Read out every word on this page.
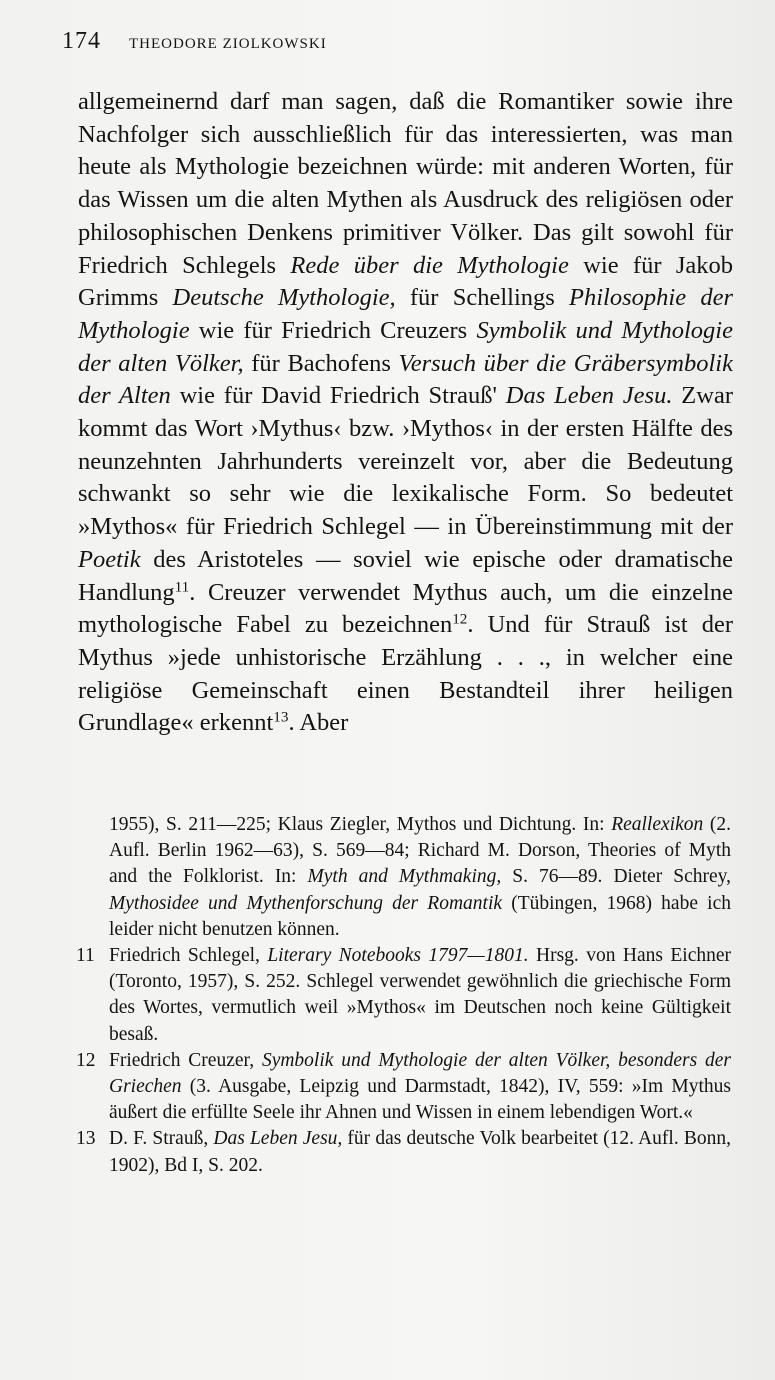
174 THEODORE ZIOLKOWSKI

allgemeinernd darf man sagen, daß die Romantiker sowie ihre Nachfolger sich ausschließlich für das interessierten, was man heute als Mythologie bezeichnen würde: mit anderen Worten, für das Wissen um die alten Mythen als Ausdruck des religiösen oder philosophischen Denkens primitiver Völker. Das gilt sowohl für Friedrich Schlegels Rede über die Mythologie wie für Jakob Grimms Deutsche Mythologie, für Schellings Philosophie der Mythologie wie für Friedrich Creuzers Symbolik und Mythologie der alten Völker, für Bachofens Versuch über die Gräbersymbolik der Alten wie für David Friedrich Strauß' Das Leben Jesu. Zwar kommt das Wort ›Mythus‹ bzw. ›Mythos‹ in der ersten Hälfte des neunzehnten Jahrhunderts vereinzelt vor, aber die Bedeutung schwankt so sehr wie die lexikalische Form. So bedeutet »Mythos« für Friedrich Schlegel — in Übereinstimmung mit der Poetik des Aristoteles — soviel wie epische oder dramatische Handlung$^{11}$. Creuzer verwendet Mythus auch, um die einzelne mythologische Fabel zu bezeichnen$^{12}$. Und für Strauß ist der Mythus »jede unhistorische Erzählung . . ., in welcher eine religiöse Gemeinschaft einen Bestandteil ihrer heiligen Grundlage« erkennt$^{13}$. Aber

1955), S. 211—225; Klaus Ziegler, Mythos und Dichtung. In: Reallexikon (2. Aufl. Berlin 1962—63), S. 569—84; Richard M. Dorson, Theories of Myth and the Folklorist. In: Myth and Mythmaking, S. 76—89. Dieter Schrey, Mythosidee und Mythenforschung der Romantik (Tübingen, 1968) habe ich leider nicht benutzen können.

11 Friedrich Schlegel, Literary Notebooks 1797—1801. Hrsg. von Hans Eichner (Toronto, 1957), S. 252. Schlegel verwendet gewöhnlich die griechische Form des Wortes, vermutlich weil »Mythos« im Deutschen noch keine Gültigkeit besaß.
12 Friedrich Creuzer, Symbolik und Mythologie der alten Völker, besonders der Griechen (3. Ausgabe, Leipzig und Darmstadt, 1842), IV, 559: »Im Mythus äußert die erfüllte Seele ihr Ahnen und Wissen in einem lebendigen Wort.«
13 D. F. Strauß, Das Leben Jesu, für das deutsche Volk bearbeitet (12. Aufl. Bonn, 1902), Bd I, S. 202.
